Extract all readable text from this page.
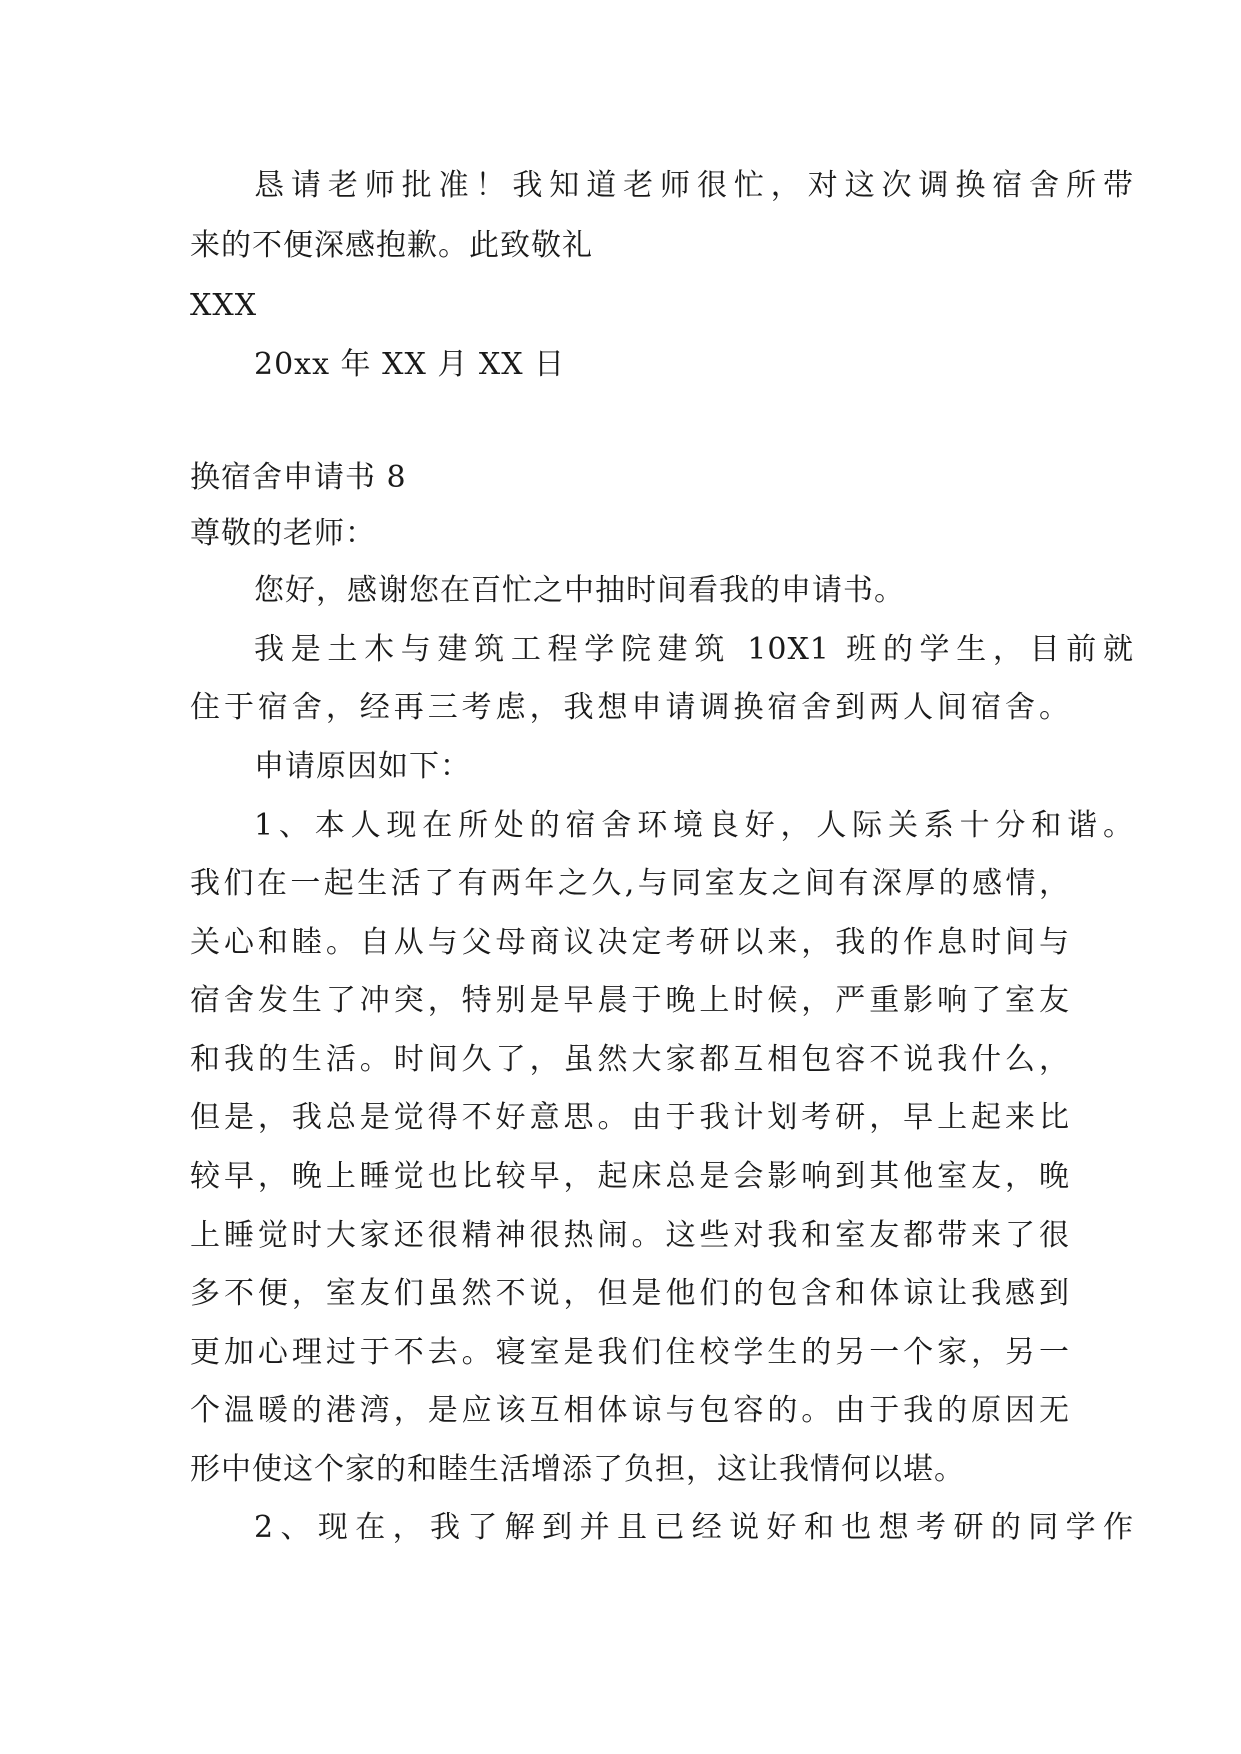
恳请老师批准！我知道老师很忙，对这次调换宿舍所带
来的不便深感抱歉。此致敬礼
XXX
20xx 年 XX 月 XX 日
换宿舍申请书 8
尊敬的老师：
您好，感谢您在百忙之中抽时间看我的申请书。
我是土木与建筑工程学院建筑 10X1 班的学生，目前就
住于宿舍，经再三考虑，我想申请调换宿舍到两人间宿舍。
申请原因如下：
1、本人现在所处的宿舍环境良好，人际关系十分和谐。
我们在一起生活了有两年之久,与同室友之间有深厚的感情，
关心和睦。自从与父母商议决定考研以来，我的作息时间与
宿舍发生了冲突，特别是早晨于晚上时候，严重影响了室友
和我的生活。时间久了，虽然大家都互相包容不说我什么，
但是，我总是觉得不好意思。由于我计划考研，早上起来比
较早，晚上睡觉也比较早，起床总是会影响到其他室友，晚
上睡觉时大家还很精神很热闹。这些对我和室友都带来了很
多不便，室友们虽然不说，但是他们的包含和体谅让我感到
更加心理过于不去。寝室是我们住校学生的另一个家，另一
个温暖的港湾，是应该互相体谅与包容的。由于我的原因无
形中使这个家的和睦生活增添了负担，这让我情何以堪。
2、现在，我了解到并且已经说好和也想考研的同学作
